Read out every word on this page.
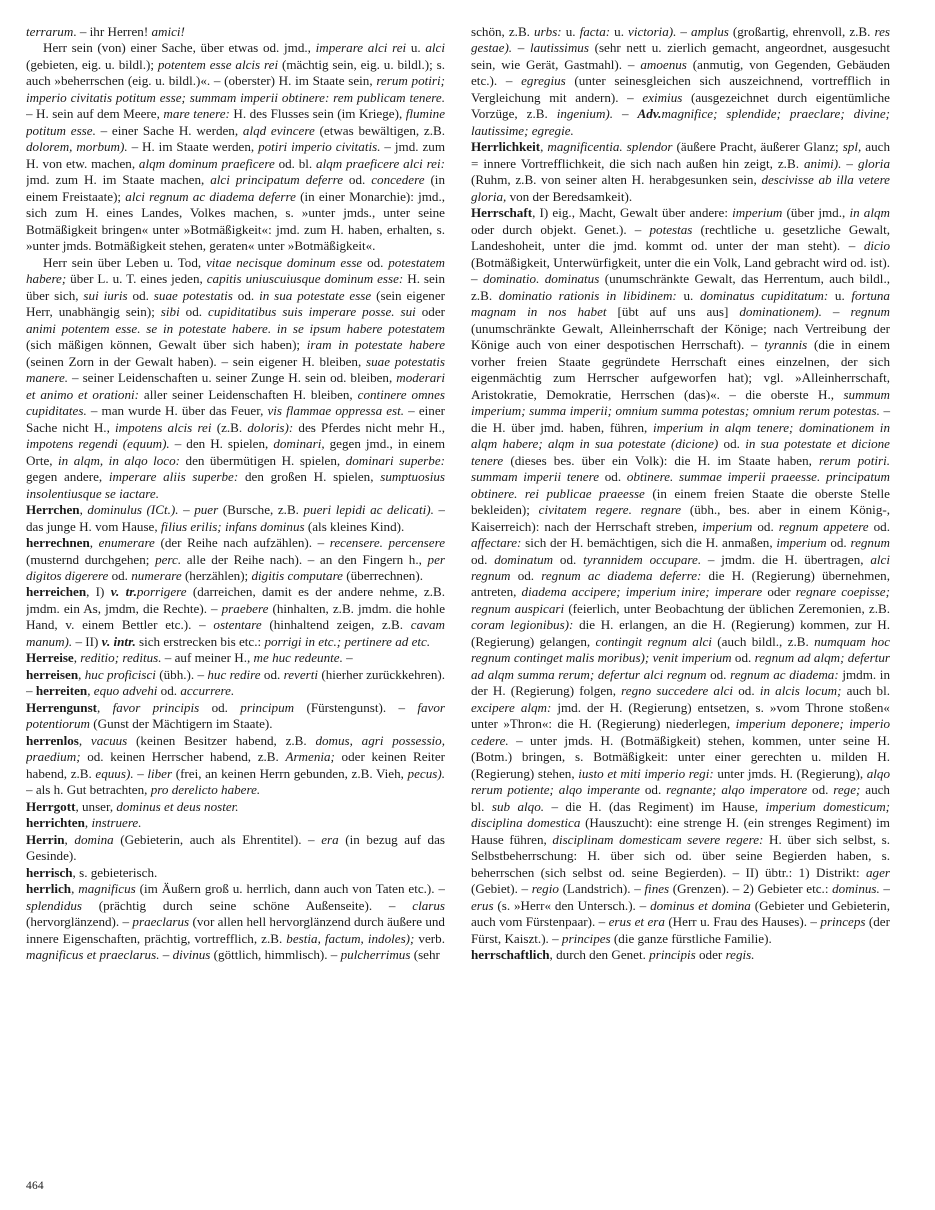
terrarum. – ihr Herren! amici!

Herr sein (von) einer Sache, über etwas od. jmd., imperare alci rei u. alci (gebieten, eig. u. bildl.); potentem esse alcis rei (mächtig sein, eig. u. bildl.); s. auch »beherrschen (eig. u. bildl.)«. – (oberster) H. im Staate sein, rerum potiri; imperio civitatis potitum esse; summam imperii obtinere: rem publicam tenere. – H. sein auf dem Meere, mare tenere: H. des Flusses sein (im Kriege), flumine potitum esse. – einer Sache H. werden, alqd evincere (etwas bewältigen, z.B. dolorem, morbum). – H. im Staate werden, potiri imperio civitatis. – jmd. zum H. von etw. machen, alqm dominum praeficere od. bl. alqm praeficere alci rei: jmd. zum H. im Staate machen, alci principatum deferre od. concedere (in einem Freistaate); alci regnum ac diadema deferre (in einer Monarchie): jmd., sich zum H. eines Landes, Volkes machen, s. »unter jmds., unter seine Botmäßigkeit bringen« unter »Botmäßigkeit«: jmd. zum H. haben, erhalten, s. »unter jmds. Botmäßigkeit stehen, geraten« unter »Botmäßigkeit«.

Herr sein über Leben u. Tod, vitae necisque dominum esse od. potestatem habere; über L. u. T. eines jeden, capitis uniuscuiusque dominum esse: H. sein über sich, sui iuris od. suae potestatis od. in sua potestate esse (sein eigener Herr, unabhängig sein); sibi od. cupiditatibus suis imperare posse. sui oder animi potentem esse. se in potestate habere. in se ipsum habere potestatem (sich mäßigen können, Gewalt über sich haben); iram in potestate habere (seinen Zorn in der Gewalt haben). – sein eigener H. bleiben, suae potestatis manere. – seiner Leidenschaften u. seiner Zunge H. sein od. bleiben, moderari et animo et orationi: aller seiner Leidenschaften H. bleiben, continere omnes cupiditates. – man wurde H. über das Feuer, vis flammae oppressa est. – einer Sache nicht H., impotens alcis rei (z.B. doloris): des Pferdes nicht mehr H., impotens regendi (equum). – den H. spielen, dominari, gegen jmd., in einem Orte, in alqm, in alqo loco: den übermütigen H. spielen, dominari superbe: gegen andere, imperare aliis superbe: den großen H. spielen, sumptuosius insolentiusque se iactare.

Herrchen, dominulus (ICt.). – puer (Bursche, z.B. pueri lepidi ac delicati). – das junge H. vom Hause, filius erilis; infans dominus (als kleines Kind).

herrechnen, enumerare (der Reihe nach aufzählen). – recensere. percensere (musternd durchgehen; perc. alle der Reihe nach). – an den Fingern h., per digitos digerere od. numerare (herzählen); digitis computare (überrechnen).

herreichen, I) v. tr.porrigere (darreichen, damit es der andere nehme, z.B. jmdm. ein As, jmdm, die Rechte). – praebere (hinhalten, z.B. jmdm. die hohle Hand, v. einem Bettler etc.). – ostentare (hinhaltend zeigen, z.B. cavam manum). – II) v. intr. sich erstrecken bis etc.: porrigi in etc.; pertinere ad etc.

Herreise, reditio; reditus. – auf meiner H., me huc redeunte. –

herreisen, huc proficisci (übh.). – huc redire od. reverti (hierher zurückkehren). – herreiten, equo advehi od. accurrere.

Herrengunst, favor principis od. principum (Fürstengunst). – favor potentiorum (Gunst der Mächtigern im Staate).

herrenlos, vacuus (keinen Besitzer habend, z.B. domus, agri possessio, praedium; od. keinen Herrscher habend, z.B. Armenia; oder keinen Reiter habend, z.B. equus). – liber (frei, an keinen Herrn gebunden, z.B. Vieh, pecus). – als h. Gut betrachten, pro derelicto habere.

Herrgott, unser, dominus et deus noster.

herrichten, instruere.

Herrin, domina (Gebieterin, auch als Ehrentitel). – era (in bezug auf das Gesinde).

herrisch, s. gebieterisch.

herrlich, magnificus (im Äußern groß u. herrlich, dann auch von Taten etc.). – splendidus (prächtig durch seine schöne Außenseite). – clarus (hervorglänzend). – praeclarus (vor allen hell hervorglänzend durch äußere und innere Eigenschaften, prächtig, vortrefflich, z.B. bestia, factum, indoles); verb. magnificus et praeclarus. – divinus (göttlich, himmlisch). – pulcherrimus (sehr

schön, z.B. urbs: u. facta: u. victoria). – amplus (großartig, ehrenvoll, z.B. res gestae). – lautissimus (sehr nett u. zierlich gemacht, angeordnet, ausgesucht sein, wie Gerät, Gastmahl). – amoenus (anmutig, von Gegenden, Gebäuden etc.). – egregius (unter seinesgleichen sich auszeichnend, vortrefflich in Vergleichung mit andern). – eximius (ausgezeichnet durch eigentümliche Vorzüge, z.B. ingenium). – Adv.magnifice; splendide; praeclare; divine; lautissime; egregie.

Herrlichkeit, magnificentia. splendor (äußere Pracht, äußerer Glanz; spl, auch = innere Vortrefflichkeit, die sich nach außen hin zeigt, z.B. animi). – gloria (Ruhm, z.B. von seiner alten H. herabgesunken sein, descivisse ab illa vetere gloria, von der Beredsamkeit).

Herrschaft, I) eig., Macht, Gewalt über andere: imperium (über jmd., in alqm oder durch objekt. Genet.). – potestas (rechtliche u. gesetzliche Gewalt, Landeshoheit, unter die jmd. kommt od. unter der man steht). – dicio (Botmäßigkeit, Unterwürfigkeit, unter die ein Volk, Land gebracht wird od. ist). – dominatio. dominatus (unumschränkte Gewalt, das Herrentum, auch bildl., z.B. dominatio rationis in libidinem: u. dominatus cupiditatum: u. fortuna magnam in nos habet [übt auf uns aus] dominationem). – regnum (unumschränkte Gewalt, Alleinherrschaft der Könige; nach Vertreibung der Könige auch von einer despotischen Herrschaft). – tyrannis (die in einem vorher freien Staate gegründete Herrschaft eines einzelnen, der sich eigenmächtig zum Herrscher aufgeworfen hat); vgl. »Alleinherrschaft, Aristokratie, Demokratie, Herrschen (das)«. – die oberste H., summum imperium; summa imperii; omnium summa potestas; omnium rerum potestas. – die H. über jmd. haben, führen, imperium in alqm tenere; dominationem in alqm habere; alqm in sua potestate (dicione) od. in sua potestate et dicione tenere (dieses bes. über ein Volk): die H. im Staate haben, rerum potiri. summam imperii tenere od. obtinere. summae imperii praeesse. principatum obtinere. rei publicae praeesse (in einem freien Staate die oberste Stelle bekleiden); civitatem regere. regnare (übh., bes. aber in einem König-, Kaiserreich): nach der Herrschaft streben, imperium od. regnum appetere od. affectare: sich der H. bemächtigen, sich die H. anmaßen, imperium od. regnum od. dominatum od. tyrannidem occupare. – jmdm. die H. übertragen, alci regnum od. regnum ac diadema deferre: die H. (Regierung) übernehmen, antreten, diadema accipere; imperium inire; imperare oder regnare coepisse; regnum auspicari (feierlich, unter Beobachtung der üblichen Zeremonien, z.B. coram legionibus): die H. erlangen, an die H. (Regierung) kommen, zur H. (Regierung) gelangen, contingit regnum alci (auch bildl., z.B. numquam hoc regnum continget malis moribus); venit imperium od. regnum ad alqm; defertur ad alqm summa rerum; defertur alci regnum od. regnum ac diadema: jmdm. in der H. (Regierung) folgen, regno succedere alci od. in alcis locum; auch bl. excipere alqm: jmd. der H. (Regierung) entsetzen, s. »vom Throne stoßen« unter »Thron«: die H. (Regierung) niederlegen, imperium deponere; imperio cedere. – unter jmds. H. (Botmäßigkeit) stehen, kommen, unter seine H. (Botm.) bringen, s. Botmäßigkeit: unter einer gerechten u. milden H. (Regierung) stehen, iusto et miti imperio regi: unter jmds. H. (Regierung), alqo rerum potiente; alqo imperante od. regnante; alqo imperatore od. rege; auch bl. sub alqo. – die H. (das Regiment) im Hause, imperium domesticum; disciplina domestica (Hauszucht): eine strenge H. (ein strenges Regiment) im Hause führen, disciplinam domesticam severe regere: H. über sich selbst, s. Selbstbeherrschung: H. über sich od. über seine Begierden haben, s. beherrschen (sich selbst od. seine Begierden). – II) übtr.: 1) Distrikt: ager (Gebiet). – regio (Landstrich). – fines (Grenzen). – 2) Gebieter etc.: dominus. – erus (s. »Herr« den Untersch.). – dominus et domina (Gebieter und Gebieterin, auch vom Fürstenpaar). – erus et era (Herr u. Frau des Hauses). – princeps (der Fürst, Kaiszt.). – principes (die ganze fürstliche Familie).

herrschaftlich, durch den Genet. principis oder regis.

464
